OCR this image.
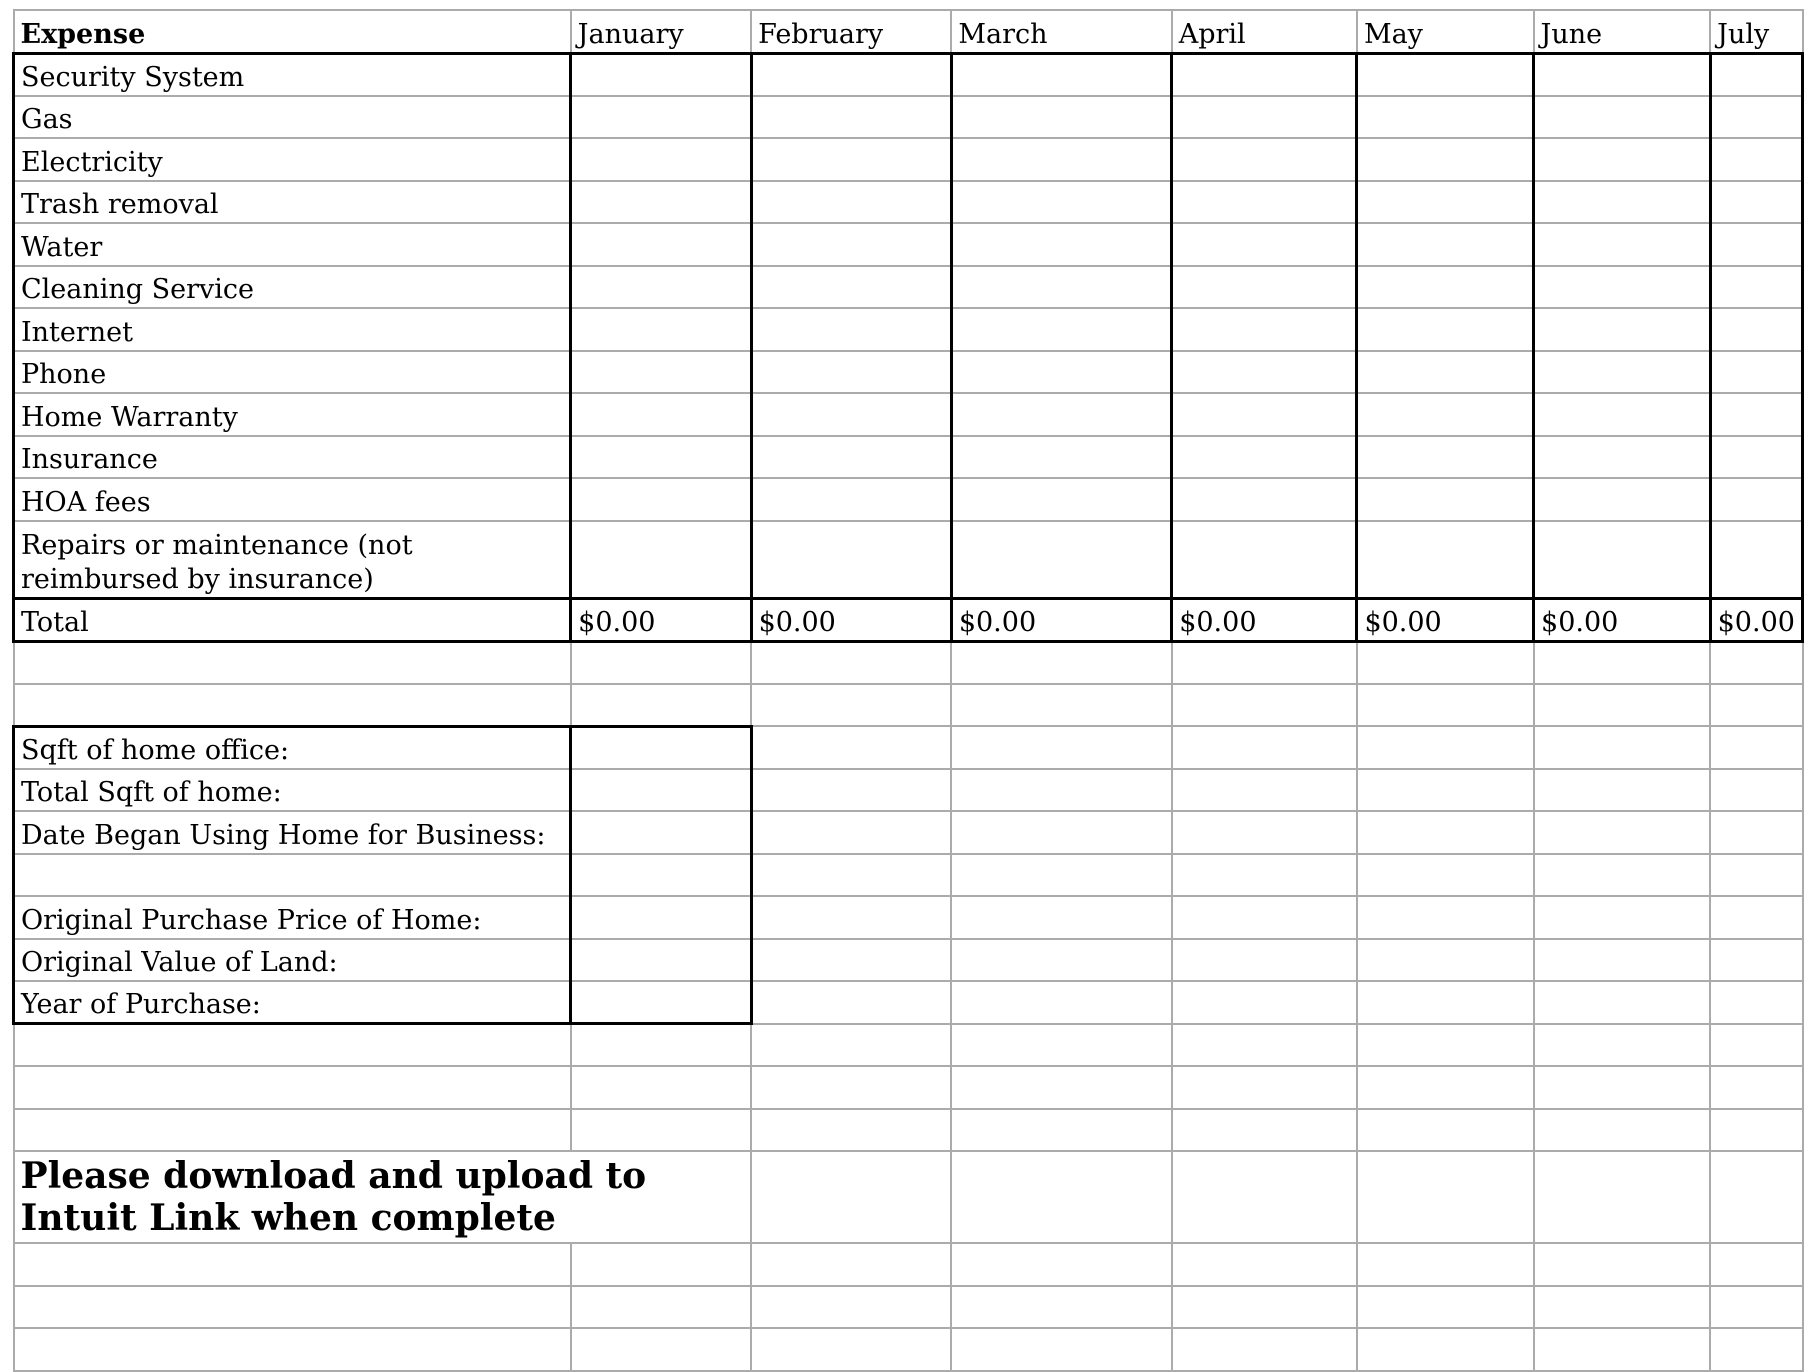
Expense	January	February	March	April	May	June	July
Security System							
Gas							
Electricity							
Trash removal							
Water							
Cleaning Service							
Internet							
Phone							
Home Warranty							
Insurance							
HOA fees							
Repairs or maintenance (not reimbursed by insurance)							
Total	$0.00	$0.00	$0.00	$0.00	$0.00	$0.00	$0.00

Sqft of home office:							
Total Sqft of home:							
Date Began Using Home for Business:							

Original Purchase Price of Home:							
Original Value of Land:							
Year of Purchase:							

Please download and upload to Intuit Link when complete							
